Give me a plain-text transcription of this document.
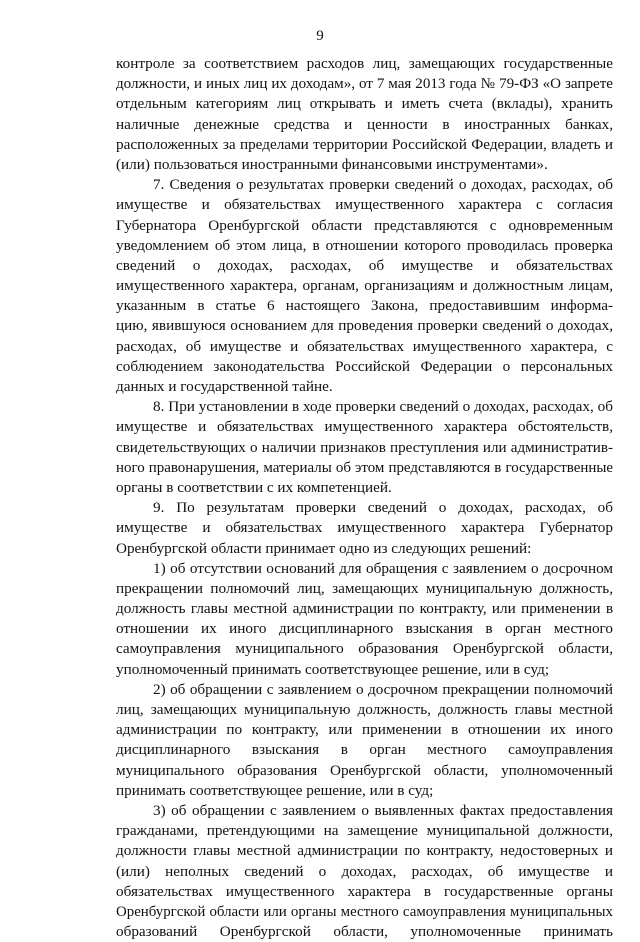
9
контроле за соответствием расходов лиц, замещающих государственные
должности, и иных лиц их доходам», от 7 мая 2013 года № 79-ФЗ «О запрете
отдельным категориям лиц открывать и иметь счета (вклады), хранить
наличные денежные средства и ценности в иностранных банках,
расположенных за пределами территории Российской Федерации, владеть и
(или) пользоваться иностранными финансовыми инструментами».
7. Сведения о результатах проверки сведений о доходах, расходах, об
имуществе и обязательствах имущественного характера с согласия
Губернатора Оренбургской области представляются с одновременным
уведомлением об этом лица, в отношении которого проводилась проверка
сведений о доходах, расходах, об имуществе и обязательствах
имущественного характера, органам, организациям и должностным лицам,
указанным в статье 6 настоящего Закона, предоставившим информа-
цию, явившуюся основанием для проведения проверки сведений о доходах,
расходах, об имуществе и обязательствах имущественного характера, с
соблюдением законодательства Российской Федерации о персональных
данных и государственной тайне.
8. При установлении в ходе проверки сведений о доходах, расходах, об
имуществе и обязательствах имущественного характера обстоятельств,
свидетельствующих о наличии признаков преступления или административ-
ного правонарушения, материалы об этом представляются в государственные
органы в соответствии с их компетенцией.
9. По результатам проверки сведений о доходах, расходах, об
имуществе и обязательствах имущественного характера Губернатор
Оренбургской области принимает одно из следующих решений:
1) об отсутствии оснований для обращения с заявлением о досрочном
прекращении полномочий лиц, замещающих муниципальную должность,
должность главы местной администрации по контракту, или применении в
отношении их иного дисциплинарного взыскания в орган местного
самоуправления муниципального образования Оренбургской области,
уполномоченный принимать соответствующее решение, или в суд;
2) об обращении с заявлением о досрочном прекращении полномочий
лиц, замещающих муниципальную должность, должность главы местной
администрации по контракту, или применении в отношении их иного
дисциплинарного взыскания в орган местного самоуправления
муниципального образования Оренбургской области, уполномоченный
принимать соответствующее решение, или в суд;
3) об обращении с заявлением о выявленных фактах предоставления
гражданами, претендующими на замещение муниципальной должности,
должности главы местной администрации по контракту, недостоверных и
(или) неполных сведений о доходах, расходах, об имуществе и
обязательствах имущественного характера в государственные органы
Оренбургской области или органы местного самоуправления муниципальных
образований Оренбургской области, уполномоченные принимать
